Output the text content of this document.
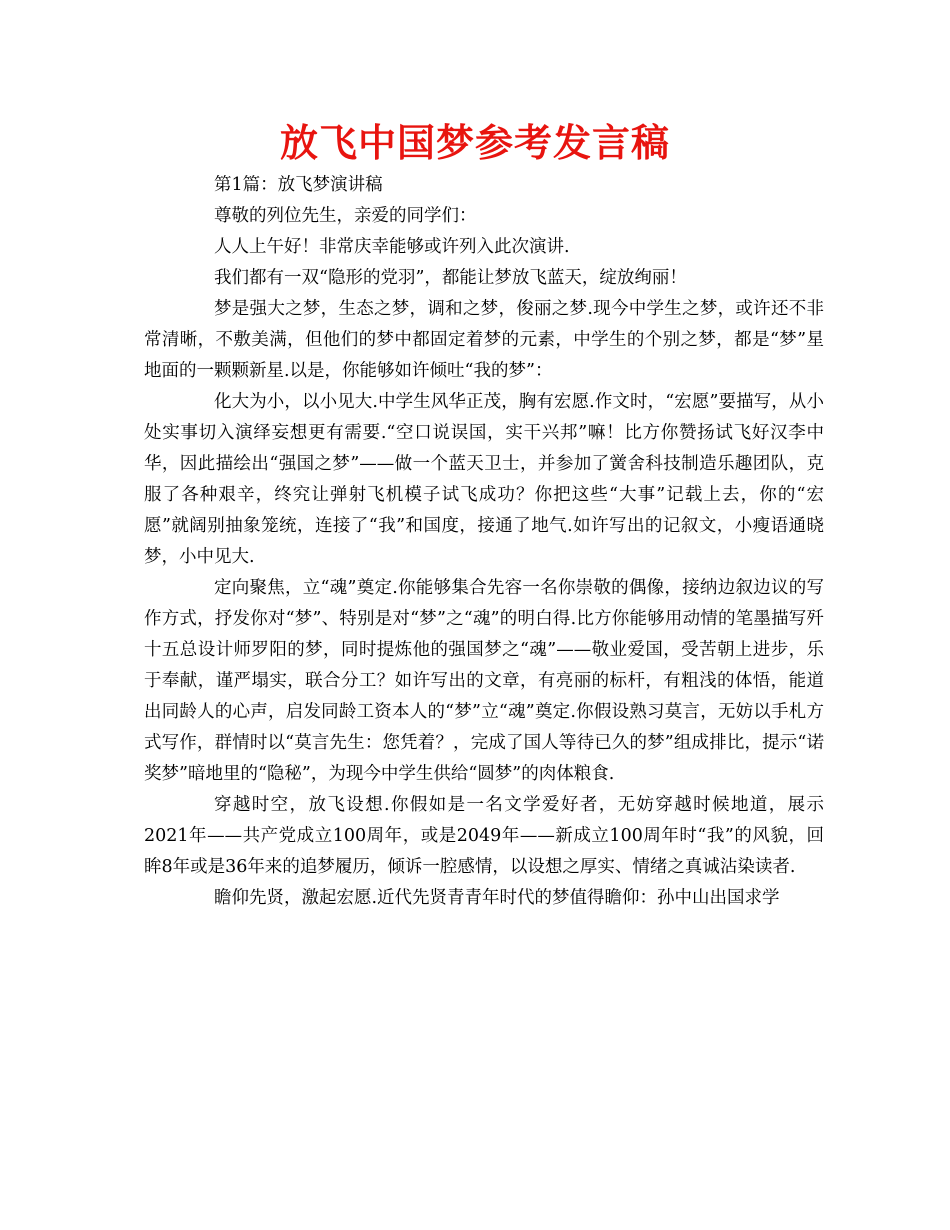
放飞中国梦参考发言稿

第1篇：放飞梦演讲稿

尊敬的列位先生，亲爱的同学们：

人人上午好！非常庆幸能够或许列入此次演讲.

我们都有一双“隐形的党羽”，都能让梦放飞蓝天，绽放绚丽！

梦是强大之梦，生态之梦，调和之梦，俊丽之梦.现今中学生之梦，或许还不非常清晰，不敷美满，但他们的梦中都固定着梦的元素，中学生的个别之梦，都是“梦”星地面的一颗颗新星.以是，你能够如许倾吐“我的梦”：

化大为小，以小见大.中学生风华正茂，胸有宏愿.作文时，“宏愿”要描写，从小处实事切入演绎妄想更有需要.“空口说误国，实干兴邦”嘛！比方你赞扬试飞好汉李中华，因此描绘出“强国之梦”——做一个蓝天卫士，并参加了黉舍科技制造乐趣团队，克服了各种艰辛，终究让弹射飞机模子试飞成功？你把这些“大事”记载上去，你的“宏愿”就阔别抽象笼统，连接了“我”和国度，接通了地气.如许写出的记叙文，小瘦语通晓梦，小中见大.

定向聚焦，立“魂”奠定.你能够集合先容一名你崇敬的偶像，接纳边叙边议的写作方式，抒发你对“梦”、特别是对“梦”之“魂”的明白得.比方你能够用动情的笔墨描写歼十五总设计师罗阳的梦，同时提炼他的强国梦之“魂”——敬业爱国，受苦朝上进步，乐于奉献，谨严塌实，联合分工？如许写出的文章，有亮丽的标杆，有粗浅的体悟，能道出同龄人的心声，启发同龄工资本人的“梦”立“魂”奠定.你假设熟习莫言，无妨以手札方式写作，群情时以“莫言先生：您凭着？，完成了国人等待已久的梦”组成排比，提示“诺奖梦”暗地里的“隐秘”，为现今中学生供给“圆梦”的肉体粮食.

穿越时空，放飞设想.你假如是一名文学爱好者，无妨穿越时候地道，展示2021年——共产党成立100周年，或是2049年——新成立100周年时“我”的风貌，回眸8年或是36年来的追梦履历，倾诉一腔感情，以设想之厚实、情绪之真诚沾染读者.

瞻仰先贤，激起宏愿.近代先贤青青年时代的梦值得瞻仰：孙中山出国求学
